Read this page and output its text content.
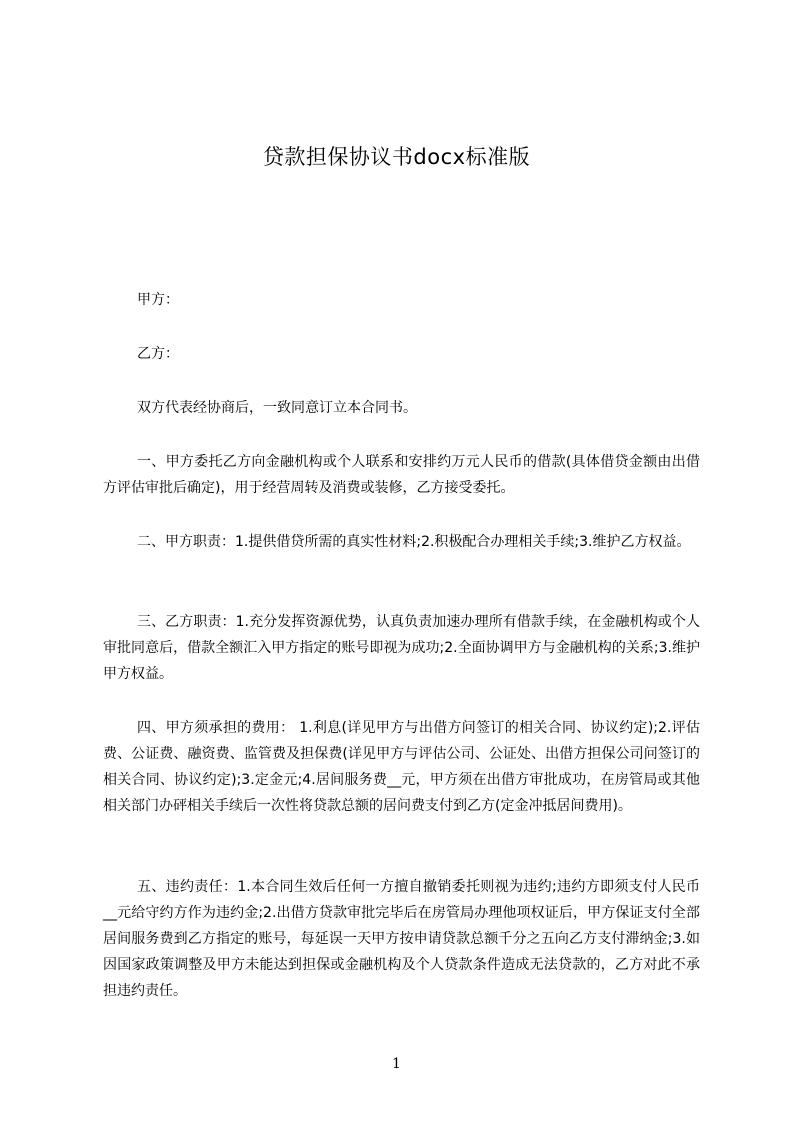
贷款担保协议书docx标准版

甲方：

乙方：

双方代表经协商后，一致同意订立本合同书。

一、甲方委托乙方向金融机构或个人联系和安排约万元人民币的借款(具体借贷金额由出借方评估审批后确定)，用于经营周转及消费或装修，乙方接受委托。

二、甲方职责：1.提供借贷所需的真实性材料;2.积极配合办理相关手续;3.维护乙方权益。

三、乙方职责：1.充分发挥资源优势，认真负责加速办理所有借款手续，在金融机构或个人审批同意后，借款全额汇入甲方指定的账号即视为成功;2.全面协调甲方与金融机构的关系;3.维护甲方权益。

四、甲方须承担的费用： 1.利息(详见甲方与出借方问签订的相关合同、协议约定);2.评估费、公证费、融资费、监管费及担保费(详见甲方与评估公司、公证处、出借方担保公司问签订的相关合同、协议约定);3.定金元;4.居间服务费__元，甲方须在出借方审批成功，在房管局或其他相关部门办砰相关手续后一次性将贷款总额的居问费支付到乙方(定金冲抵居间费用)。

五、违约责任：1.本合同生效后任何一方擅自撤销委托则视为违约;违约方即须支付人民币__元给守约方作为违约金;2.出借方贷款审批完毕后在房管局办理他项权证后，甲方保证支付全部居间服务费到乙方指定的账号，每延误一天甲方按申请贷款总额千分之五向乙方支付滞纳金;3.如因国家政策调整及甲方未能达到担保或金融机构及个人贷款条件造成无法贷款的，乙方对此不承担违约责任。

1
